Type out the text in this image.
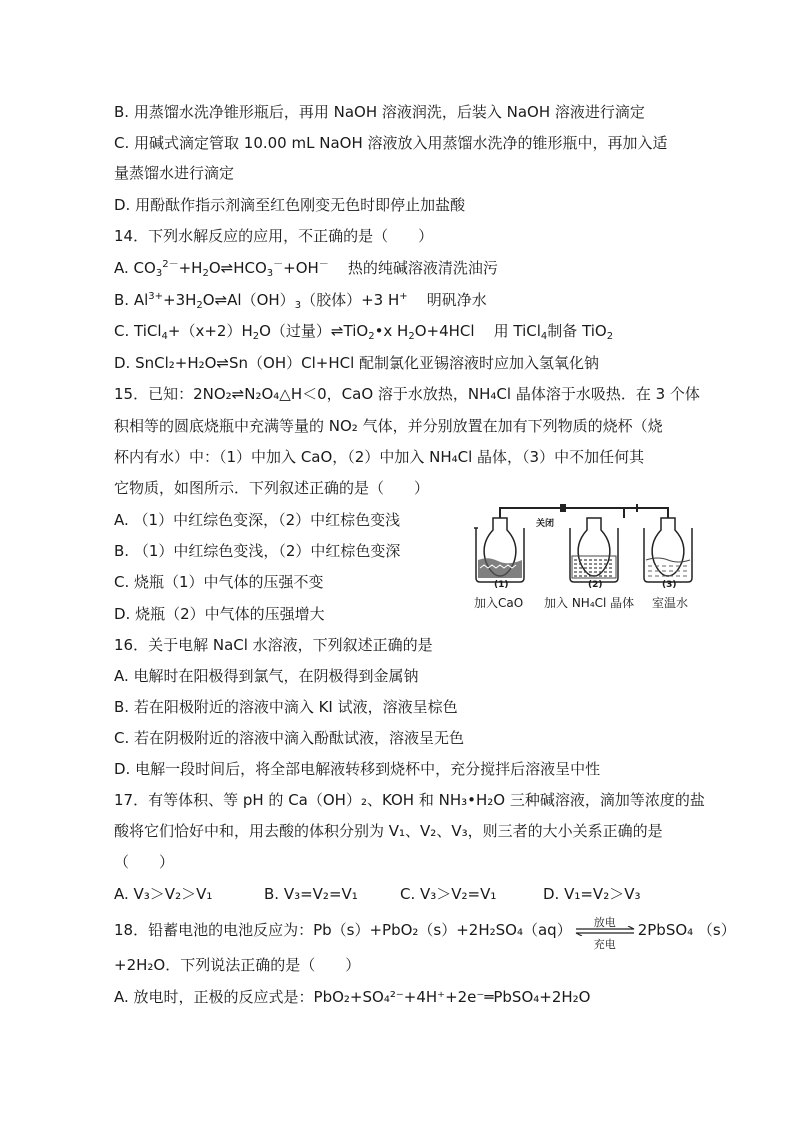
B. 用蒸馏水洗净锥形瓶后，再用 NaOH 溶液润洗，后装入 NaOH 溶液进行滴定
C. 用碱式滴定管取 10.00 mL NaOH 溶液放入用蒸馏水洗净的锥形瓶中，再加入适
量蒸馏水进行滴定
D. 用酚酞作指示剂滴至红色刚变无色时即停止加盐酸
14．下列水解反应的应用，不正确的是（　　）
A. $CO_3^{2-}+H_2O\rightleftharpoons HCO_3^-+OH^-$ 热的纯碱溶液清洗油污
B. $Al^{3+}+3H_2O\rightleftharpoons Al(OH)_3$（胶体）+3 H+ 明矾净水
C. $TiCl_4+(x+2)H_2O$（过量）⇌TiO$_2$•x $H_2O+4HCl$    用 TiCl$_4$制备 TiO$_2$
D. SnCl₂+H₂O⇌Sn（OH）Cl+HCl 配制氯化亚锡溶液时应加入氢氧化钠
15．已知：2NO₂⇌N₂O₄△H＜0，CaO 溶于水放热，NH₄Cl 晶体溶于水吸热．在 3 个体
积相等的圆底烧瓶中充满等量的 NO₂ 气体，并分别放置在加有下列物质的烧杯（烧
杯内有水）中：（1）中加入 CaO，（2）中加入 NH₄Cl 晶体，（3）中不加任何其
它物质，如图所示．下列叙述正确的是（　　）
A. （1）中红综色变深，（2）中红棕色变浅
B. （1）中红综色变浅，（2）中红棕色变深
C. 烧瓶（1）中气体的压强不变
D. 烧瓶（2）中气体的压强增大
关闭
(1)	(2)	(3)
加入CaO 加入 NH₄Cl 晶体 室温水
16．关于电解 NaCl 水溶液，下列叙述正确的是
A. 电解时在阳极得到氯气，在阴极得到金属钠
B. 若在阳极附近的溶液中滴入 KI 试液，溶液呈棕色
C. 若在阴极附近的溶液中滴入酚酞试液，溶液呈无色
D. 电解一段时间后，将全部电解液转移到烧杯中，充分搅拌后溶液呈中性
17．有等体积、等 pH 的 Ca（OH）₂、KOH 和 NH₃•H₂O 三种碱溶液，滴加等浓度的盐
酸将它们恰好中和，用去酸的体积分别为 V₁、V₂、V₃，则三者的大小关系正确的是
（　　）
A. V₃＞V₂＞V₁	B. V₃=V₂=V₁	C. V₃＞V₂=V₁	D. V₁=V₂＞V₃
18．铅蓄电池的电池反应为：Pb（s）+PbO₂（s）+2H₂SO₄（aq）	放电
充电
2PbSO₄ （s）
+2H₂O．下列说法正确的是（　　）
A. 放电时，正极的反应式是：PbO₂+SO₄²⁻+4H⁺+2e⁻═PbSO₄+2H₂O
